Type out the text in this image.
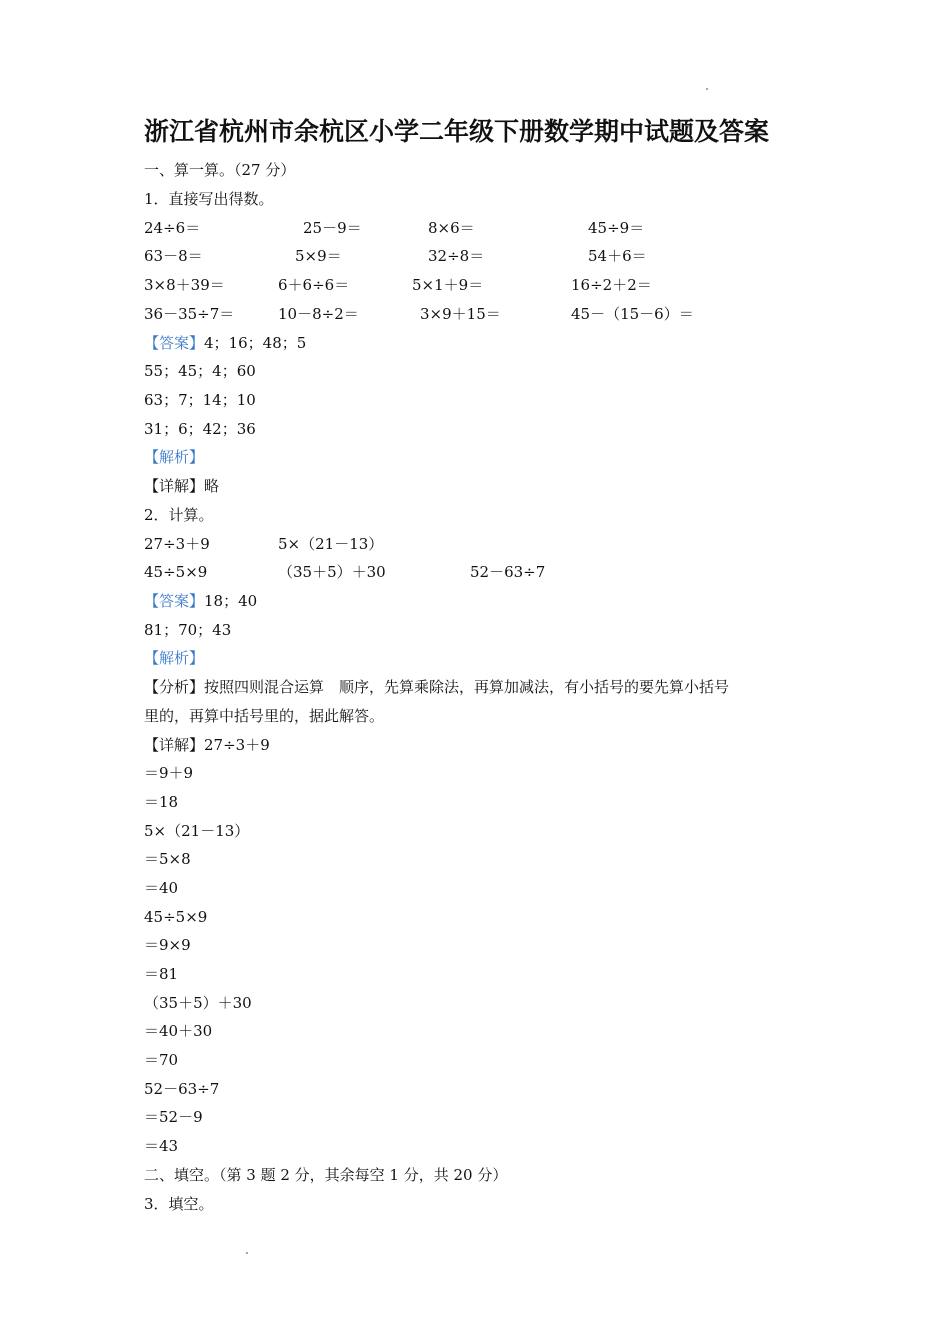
浙江省杭州市余杭区小学二年级下册数学期中试题及答案
一、算一算。（27 分）
1．直接写出得数。
24÷6＝	25－9＝	8×6＝	45÷9＝
63－8＝	5×9＝	32÷8＝	54＋6＝
3×8＋39＝	6＋6÷6＝	5×1＋9＝	16÷2＋2＝
36－35÷7＝	10－8÷2＝	3×9＋15＝	45－（15－6）＝
【答案】4；16；48；5
55；45；4；60
63；7；14；10
31；6；42；36
【解析】
【详解】略
2．计算。
27÷3＋9	5×（21－13）
45÷5×9	（35＋5）＋30	52－63÷7
【答案】18；40
81；70；43
【解析】
【分析】按照四则混合运算　顺序，先算乘除法，再算加减法，有小括号的要先算小括号
里的，再算中括号里的，据此解答。
【详解】27÷3＋9
＝9＋9
＝18
5×（21－13）
＝5×8
＝40
45÷5×9
＝9×9
＝81
（35＋5）＋30
＝40＋30
＝70
52－63÷7
＝52－9
＝43
二、填空。（第 3 题 2 分，其余每空 1 分，共 20 分）
3．填空。
